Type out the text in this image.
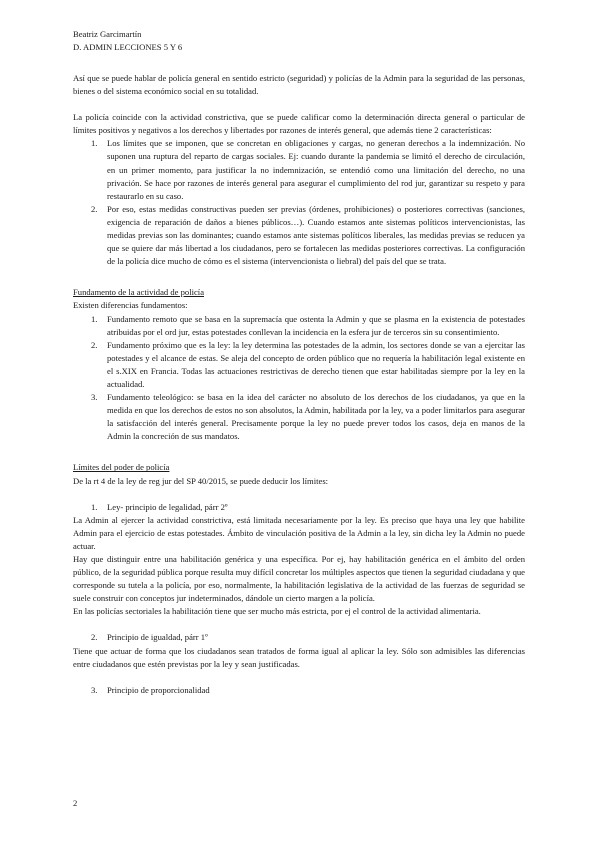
Beatriz Garcimartín
D. ADMIN LECCIONES 5 Y 6

Así que se puede hablar de policía general en sentido estricto (seguridad) y policías de la Admin para la seguridad de las personas, bienes o del sistema económico social en su totalidad.

La policía coincide con la actividad constrictiva, que se puede calificar como la determinación directa general o particular de límites positivos y negativos a los derechos y libertades por razones de interés general, que además tiene 2 características:

1. Los límites que se imponen, que se concretan en obligaciones y cargas, no generan derechos a la indemnización. No suponen una ruptura del reparto de cargas sociales. Ej: cuando durante la pandemia se limitó el derecho de circulación, en un primer momento, para justificar la no indemnización, se entendió como una limitación del derecho, no una privación. Se hace por razones de interés general para asegurar el cumplimiento del rod jur, garantizar su respeto y para restaurarlo en su caso.
2. Por eso, estas medidas constructivas pueden ser previas (órdenes, prohibiciones) o posteriores correctivas (sanciones, exigencia de reparación de daños a bienes públicos…). Cuando estamos ante sistemas políticos intervencionistas, las medidas previas son las dominantes; cuando estamos ante sistemas políticos liberales, las medidas previas se reducen ya que se quiere dar más libertad a los ciudadanos, pero se fortalecen las medidas posteriores correctivas. La configuración de la policía dice mucho de cómo es el sistema (intervencionista o liebral) del país del que se trata.

Fundamento de la actividad de policía

Existen diferencias fundamentos:

1. Fundamento remoto que se basa en la supremacía que ostenta la Admin y que se plasma en la existencia de potestades atribuidas por el ord jur, estas potestades conllevan la incidencia en la esfera jur de terceros sin su consentimiento.
2. Fundamento próximo que es la ley: la ley determina las potestades de la admin, los sectores donde se van a ejercitar las potestades y el alcance de estas. Se aleja del concepto de orden público que no requería la habilitación legal existente en el s.XIX en Francia. Todas las actuaciones restrictivas de derecho tienen que estar habilitadas siempre por la ley en la actualidad.
3. Fundamento teleológico: se basa en la idea del carácter no absoluto de los derechos de los ciudadanos, ya que en la medida en que los derechos de estos no son absolutos, la Admin, habilitada por la ley, va a poder limitarlos para asegurar la satisfacción del interés general. Precisamente porque la ley no puede prever todos los casos, deja en manos de la Admin la concreción de sus mandatos.

Límites del poder de policía

De la rt 4 de la ley de reg jur del SP 40/2015, se puede deducir los límites:

1. Ley- principio de legalidad, párr 2º

La Admin al ejercer la actividad constrictiva, está limitada necesariamente por la ley. Es preciso que haya una ley que habilite Admin para el ejercicio de estas potestades. Ámbito de vinculación positiva de la Admin a la ley, sin dicha ley la Admin no puede actuar.

Hay que distinguir entre una habilitación genérica y una específica. Por ej, hay habilitación genérica en el ámbito del orden público, de la seguridad pública porque resulta muy difícil concretar los múltiples aspectos que tienen la seguridad ciudadana y que corresponde su tutela a la policía, por eso, normalmente, la habilitación legislativa de la actividad de las fuerzas de seguridad se suele construir con conceptos jur indeterminados, dándole un cierto margen a la policía.

En las policías sectoriales la habilitación tiene que ser mucho más estricta, por ej el control de la actividad alimentaria.

2. Principio de igualdad, párr 1º

Tiene que actuar de forma que los ciudadanos sean tratados de forma igual al aplicar la ley. Sólo son admisibles las diferencias entre ciudadanos que estén previstas por la ley y sean justificadas.

3. Principio de proporcionalidad
2
